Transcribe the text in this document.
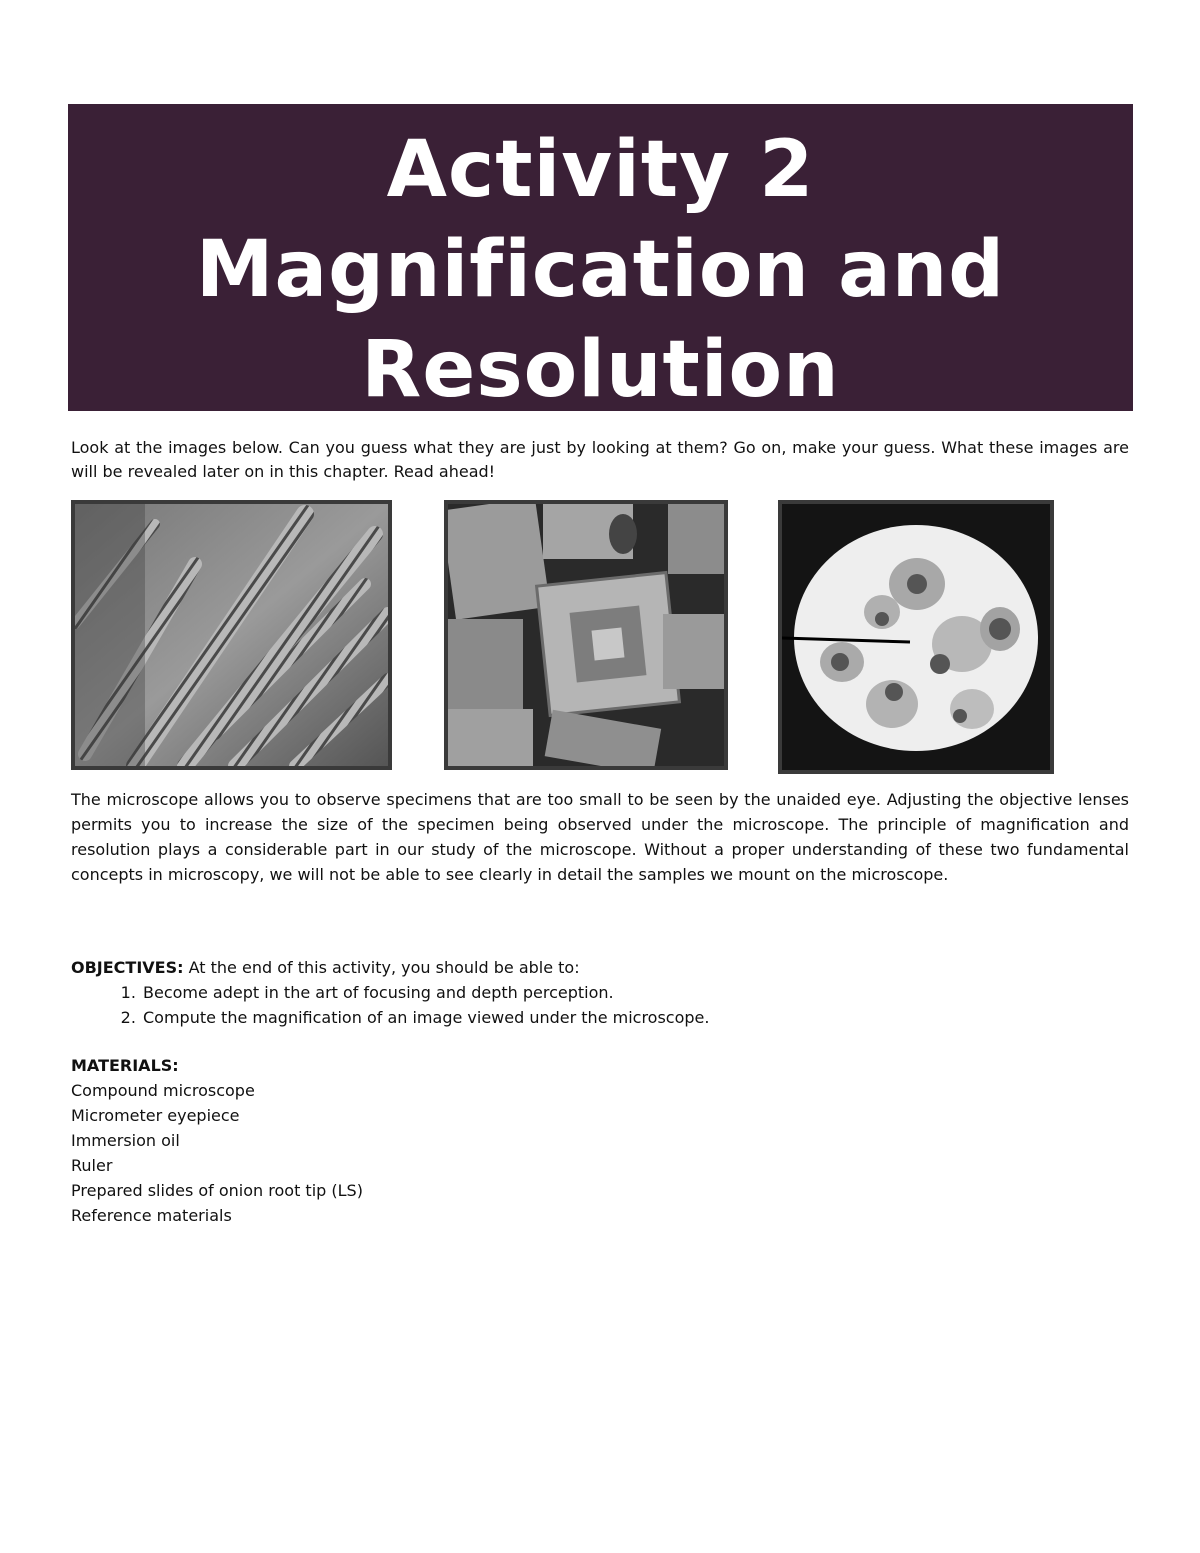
Activity 2
Magnification and
Resolution

Look at the images below. Can you guess what they are just by looking at them? Go on, make your guess. What these images are will be revealed later on in this chapter. Read ahead!

The microscope allows you to observe specimens that are too small to be seen by the unaided eye. Adjusting the objective lenses permits you to increase the size of the specimen being observed under the microscope. The principle of magnification and resolution plays a considerable part in our study of the microscope. Without a proper understanding of these two fundamental concepts in microscopy, we will not be able to see clearly in detail the samples we mount on the microscope.

OBJECTIVES: At the end of this activity, you should be able to:
1. Become adept in the art of focusing and depth perception.
2. Compute the magnification of an image viewed under the microscope.
MATERIALS:
Compound microscope
Micrometer eyepiece
Immersion oil
Ruler
Prepared slides of onion root tip (LS)
Reference materials
